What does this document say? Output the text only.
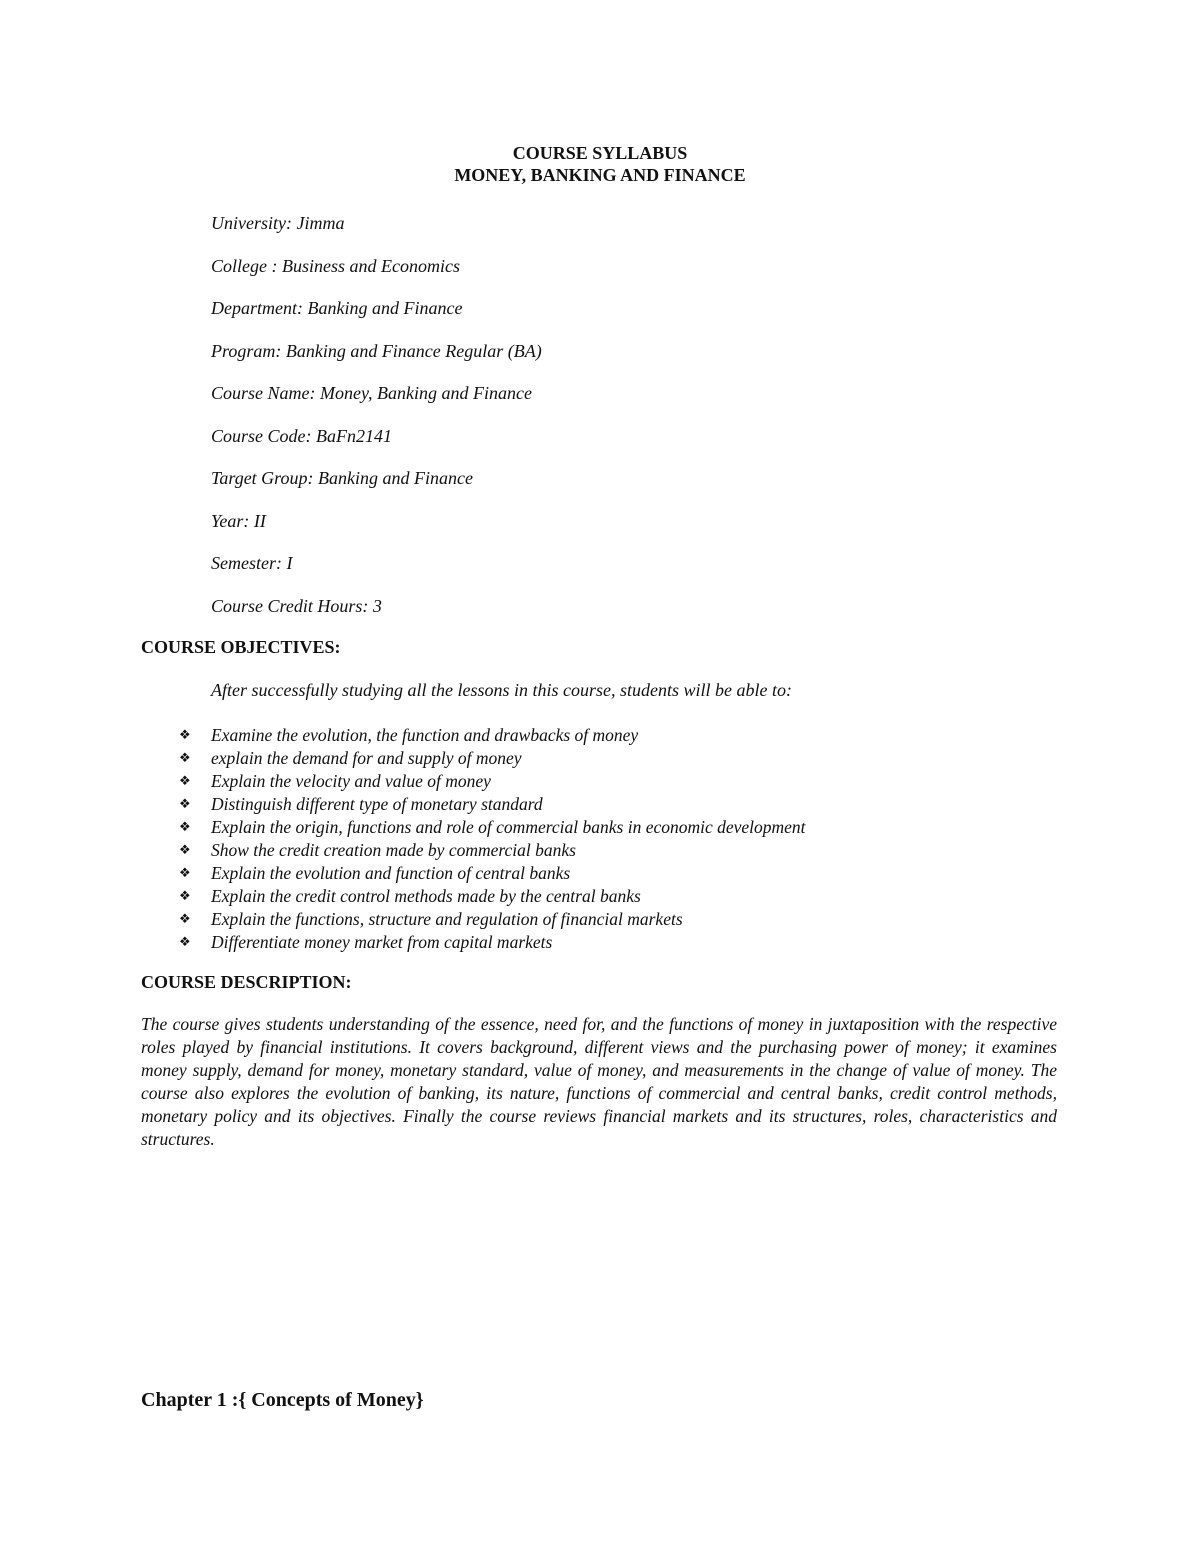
COURSE SYLLABUS
MONEY, BANKING AND FINANCE
University: Jimma
College : Business and Economics
Department: Banking and Finance
Program: Banking and Finance Regular (BA)
Course Name: Money, Banking and Finance
Course Code: BaFn2141
Target Group: Banking and Finance
Year: II
Semester: I
Course Credit Hours: 3
COURSE OBJECTIVES:
After successfully studying all the lessons in this course, students will be able to:
❖	Examine the evolution, the function and drawbacks of money
❖	explain the demand for and supply of money
❖	Explain the velocity and value of money
❖	Distinguish different type of monetary standard
❖	Explain the origin, functions and role of commercial banks in economic development
❖	Show the credit creation made by commercial banks
❖	Explain the evolution and function of central banks
❖	Explain the credit control methods made by the central banks
❖	Explain the functions, structure and regulation of financial markets
❖	Differentiate money market from capital markets
COURSE DESCRIPTION:

The course gives students understanding of the essence, need for, and the functions of money in juxtaposition with the respective roles played by financial institutions. It covers background, different views and the purchasing power of money; it examines money supply, demand for money, monetary standard, value of money, and measurements in the change of value of money. The course also explores the evolution of banking, its nature, functions of commercial and central banks, credit control methods, monetary policy and its objectives. Finally the course reviews financial markets and its structures, roles, characteristics and structures.

Chapter 1 :{ Concepts of Money}
